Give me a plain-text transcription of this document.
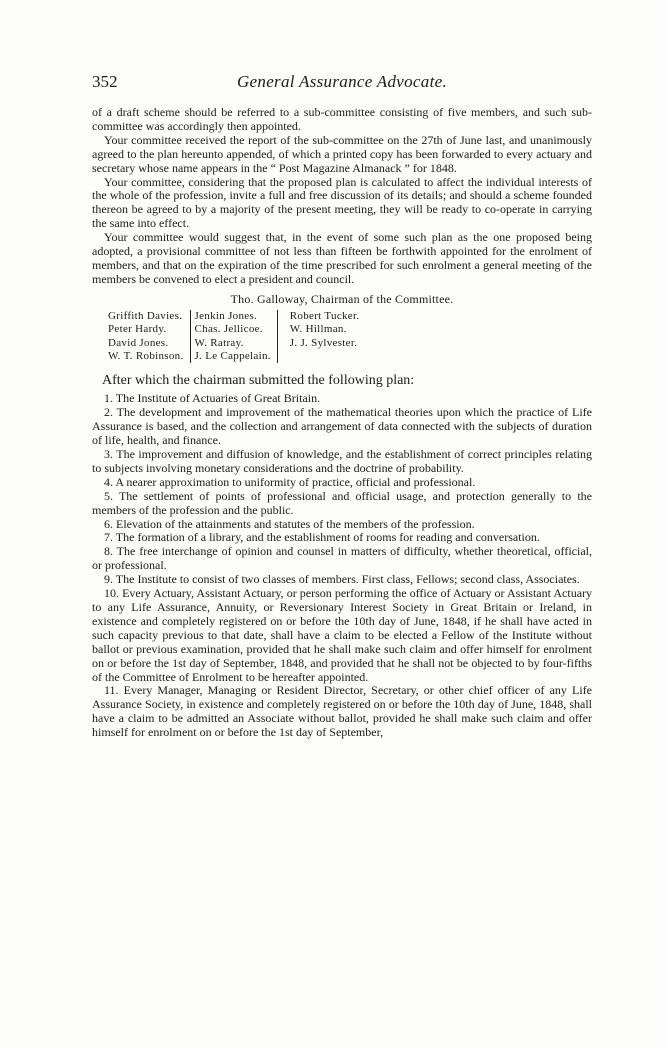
352	General Assurance Advocate.

of a draft scheme should be referred to a sub-committee consisting of five members, and such sub-committee was accordingly then appointed.

Your committee received the report of the sub-committee on the 27th of June last, and unanimously agreed to the plan hereunto appended, of which a printed copy has been forwarded to every actuary and secretary whose name appears in the “ Post Magazine Almanack ” for 1848.

Your committee, considering that the proposed plan is calculated to affect the individual interests of the whole of the profession, invite a full and free discussion of its details; and should a scheme founded thereon be agreed to by a majority of the present meeting, they will be ready to co-operate in carrying the same into effect.

Your committee would suggest that, in the event of some such plan as the one proposed being adopted, a provisional committee of not less than fifteen be forthwith appointed for the enrolment of members, and that on the expiration of the time prescribed for such enrolment a general meeting of the members be convened to elect a president and council.

Tho. Galloway, Chairman of the Committee.
Griffith Davies.
Peter Hardy.
David Jones.
W. T. Robinson.
Jenkin Jones.
Chas. Jellicoe.
W. Ratray.
J. Le Cappelain.
Robert Tucker.
W. Hillman.
J. J. Sylvester.
After which the chairman submitted the following plan:

1. The Institute of Actuaries of Great Britain.

2. The development and improvement of the mathematical theories upon which the practice of Life Assurance is based, and the collection and arrangement of data connected with the subjects of duration of life, health, and finance.

3. The improvement and diffusion of knowledge, and the establishment of correct principles relating to subjects involving monetary considerations and the doctrine of probability.

4. A nearer approximation to uniformity of practice, official and professional.

5. The settlement of points of professional and official usage, and protection generally to the members of the profession and the public.

6. Elevation of the attainments and statutes of the members of the profession.

7. The formation of a library, and the establishment of rooms for reading and conversation.

8. The free interchange of opinion and counsel in matters of difficulty, whether theoretical, official, or professional.

9. The Institute to consist of two classes of members. First class, Fellows; second class, Associates.

10. Every Actuary, Assistant Actuary, or person performing the office of Actuary or Assistant Actuary to any Life Assurance, Annuity, or Reversionary Interest Society in Great Britain or Ireland, in existence and completely registered on or before the 10th day of June, 1848, if he shall have acted in such capacity previous to that date, shall have a claim to be elected a Fellow of the Institute without ballot or previous examination, provided that he shall make such claim and offer himself for enrolment on or before the 1st day of September, 1848, and provided that he shall not be objected to by four-fifths of the Committee of Enrolment to be hereafter appointed.

11. Every Manager, Managing or Resident Director, Secretary, or other chief officer of any Life Assurance Society, in existence and completely registered on or before the 10th day of June, 1848, shall have a claim to be admitted an Associate without ballot, provided he shall make such claim and offer himself for enrolment on or before the 1st day of September,
